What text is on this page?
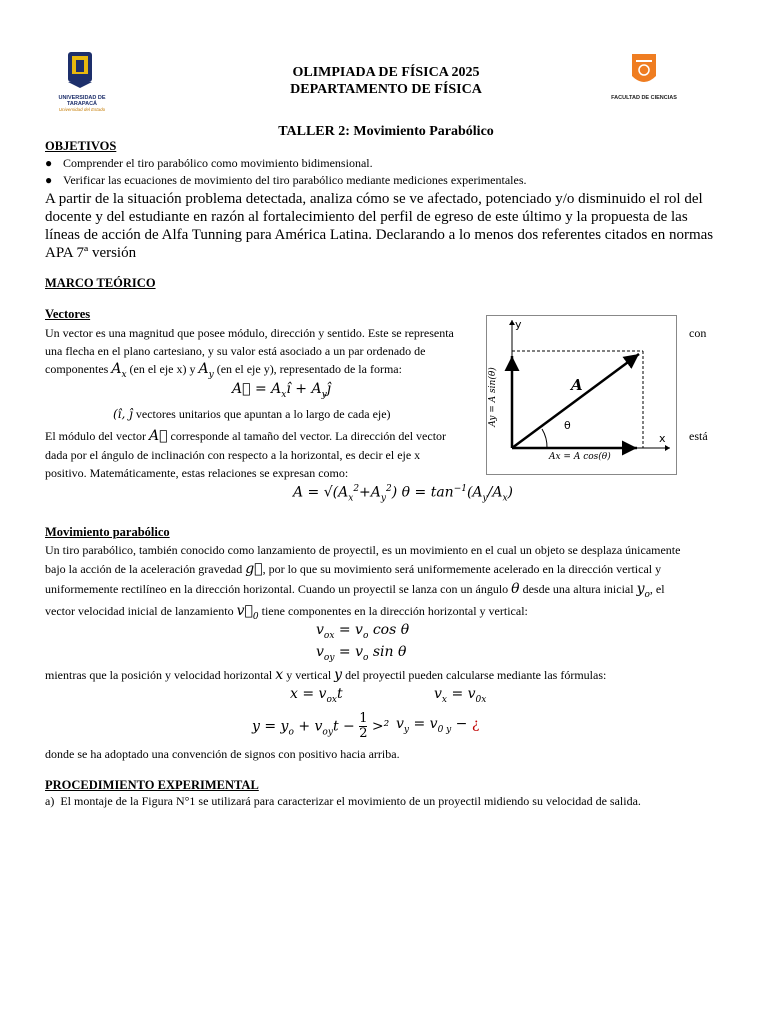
UNIVERSIDAD DE TARAPACÁ
Universidad del Estado
FACULTAD DE CIENCIAS
OLIMPIADA DE FÍSICA 2025
DEPARTAMENTO DE FÍSICA
TALLER 2: Movimiento Parabólico
OBJETIVOS
● Comprender el tiro parabólico como movimiento bidimensional.
● Verificar las ecuaciones de movimiento del tiro parabólico mediante mediciones experimentales.
A partir de la situación problema detectada, analiza cómo se ve afectado, potenciado y/o disminuido el rol del docente y del estudiante en razón al fortalecimiento del perfil de egreso de este último y la propuesta de las líneas de acción de Alfa Tunning para América Latina. Declarando a lo menos dos referentes citados en normas APA 7ª versión
MARCO TEÓRICO
Vectores
Un vector es una magnitud que posee módulo, dirección y sentido. Este se representa	con
una flecha en el plano cartesiano, y su valor está asociado a un par ordenado de
componentes $A_x$ (en el eje x) y $A_y$ (en el eje y), representado de la forma:
A⃗ = $A_xî$ + $A_yĵ$
(î, ĵ vectores unitarios que apuntan a lo largo de cada eje)
El módulo del vector A⃗ corresponde al tamaño del vector. La dirección del vector	está
dada por el ángulo de inclinación con respecto a la horizontal, es decir el eje x
positivo. Matemáticamente, estas relaciones se expresan como:
$A = √(A_x^2+A_y^2) \theta = \tan^{-1}(A_y/A_x)$
y
x
A
θ
Ay = A sin(θ)
Ax = A cos(θ)
Movimiento parabólico
Un tiro parabólico, también conocido como lanzamiento de proyectil, es un movimiento en el cual un objeto se desplaza únicamente
bajo la acción de la aceleración gravedad g⃗, por lo que su movimiento será uniformemente acelerado en la dirección vertical y
uniformemente rectilíneo en la dirección horizontal. Cuando un proyectil se lanza con un ángulo θ desde una altura inicial $y_o$, el
vector velocidad inicial de lanzamiento $v⃗_0$ tiene componentes en la dirección horizontal y vertical:
$v_{ox} = v_o$ cos θ
$v_{oy} = v_o$ sin θ
mientras que la posición y velocidad horizontal x y vertical y del proyectil pueden calcularse mediante las fórmulas:
$x = v_{ox}t$	$v_x = v_{0x}$
$y = y_o + v_{oy}t - \frac{1}{2} >^2$ $v_y = v_{0 y}$ − ¿
donde se ha adoptado una convención de signos con positivo hacia arriba.
PROCEDIMIENTO EXPERIMENTAL
a) El montaje de la Figura N°1 se utilizará para caracterizar el movimiento de un proyectil midiendo su velocidad de salida.
